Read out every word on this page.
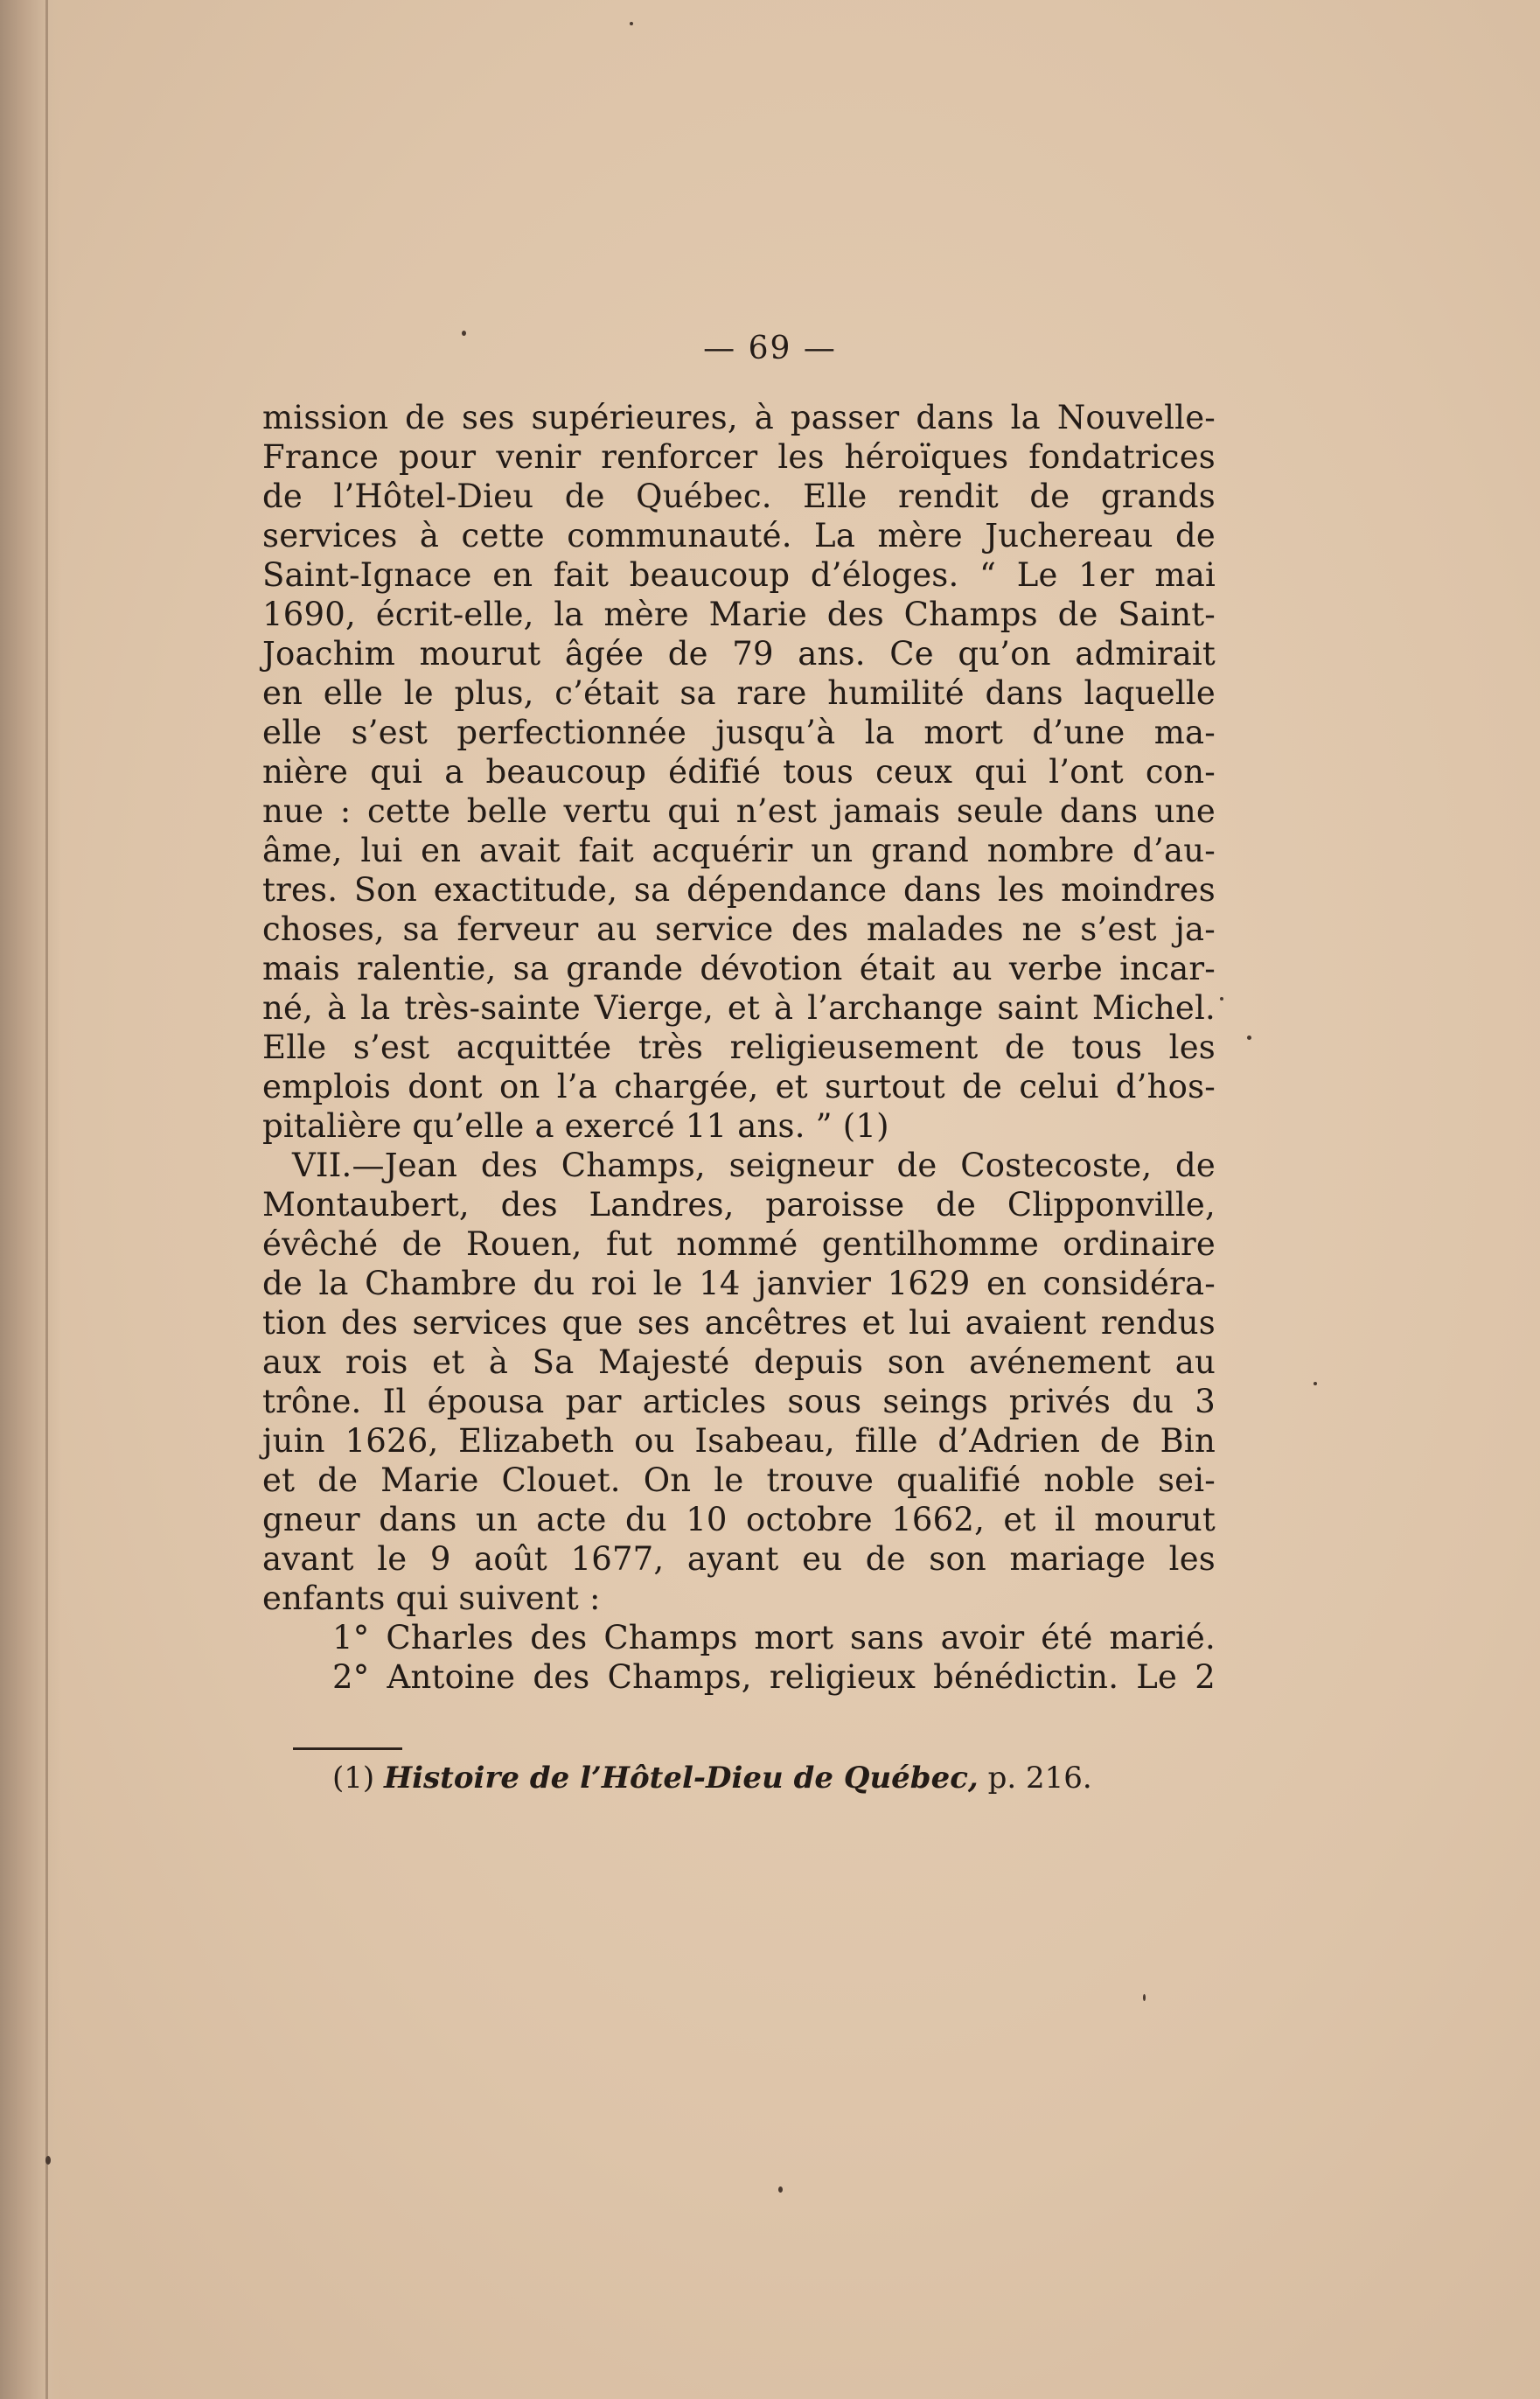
— 69 —
mission de ses supérieures, à passer dans la Nouvelle-
France pour venir renforcer les héroïques fondatrices
de l’Hôtel-Dieu de Québec. Elle rendit de grands
services à cette communauté. La mère Juchereau de
Saint-Ignace en fait beaucoup d’éloges. “ Le 1er mai
1690, écrit-elle, la mère Marie des Champs de Saint-
Joachim mourut âgée de 79 ans. Ce qu’on admirait
en elle le plus, c’était sa rare humilité dans laquelle
elle s’est perfectionnée jusqu’à la mort d’une ma-
nière qui a beaucoup édifié tous ceux qui l’ont con-
nue : cette belle vertu qui n’est jamais seule dans une
âme, lui en avait fait acquérir un grand nombre d’au-
tres. Son exactitude, sa dépendance dans les moindres
choses, sa ferveur au service des malades ne s’est ja-
mais ralentie, sa grande dévotion était au verbe incar-
né, à la très-sainte Vierge, et à l’archange saint Michel.
Elle s’est acquittée très religieusement de tous les
emplois dont on l’a chargée, et surtout de celui d’hos-
pitalière qu’elle a exercé 11 ans. ” (1)
VII.—Jean des Champs, seigneur de Costecoste, de
Montaubert, des Landres, paroisse de Clipponville,
évêché de Rouen, fut nommé gentilhomme ordinaire
de la Chambre du roi le 14 janvier 1629 en considéra-
tion des services que ses ancêtres et lui avaient rendus
aux rois et à Sa Majesté depuis son avénement au
trône. Il épousa par articles sous seings privés du 3
juin 1626, Elizabeth ou Isabeau, fille d’Adrien de Bin
et de Marie Clouet. On le trouve qualifié noble sei-
gneur dans un acte du 10 octobre 1662, et il mourut
avant le 9 août 1677, ayant eu de son mariage les
enfants qui suivent :
1° Charles des Champs mort sans avoir été marié.
2° Antoine des Champs, religieux bénédictin. Le 2
(1) Histoire de l’Hôtel-Dieu de Québec, p. 216.
